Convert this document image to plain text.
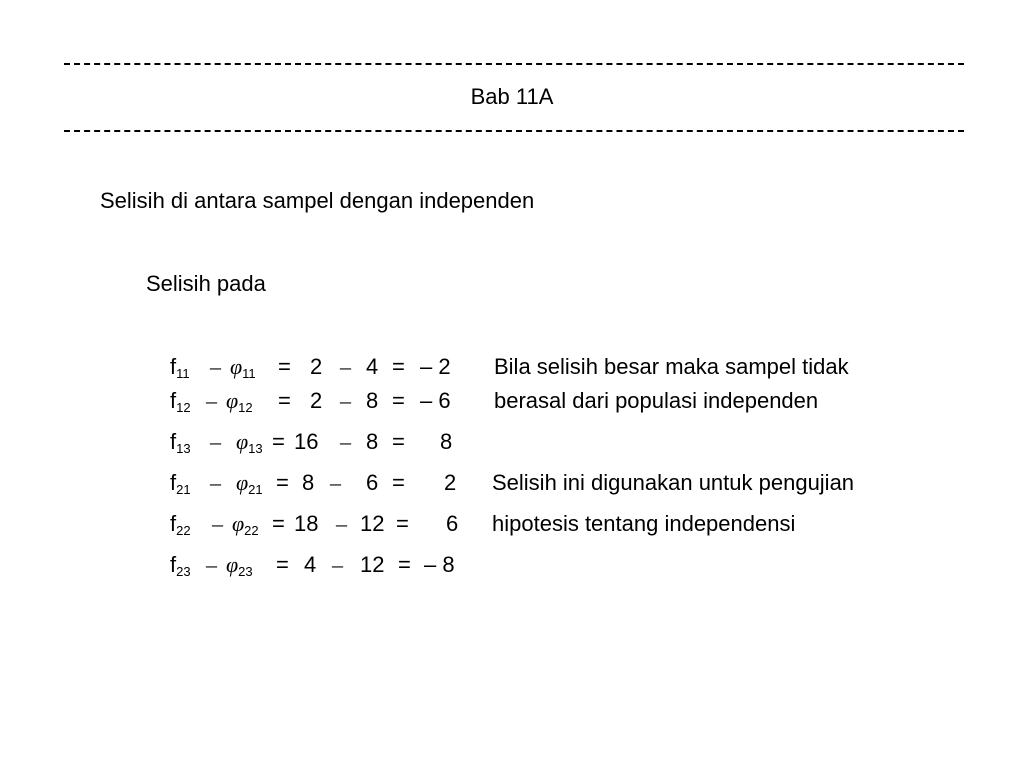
Bab 11A
Selisih di antara sampel dengan independen
Selisih pada
$f_{11} - \varphi_{11} = 2 - 4$ = – 2
$f_{12} - \varphi_{12} = 2 - 8$ = – 6
$f_{13} - \varphi_{13} = 16 - 8 = 8$
$f_{21} - \varphi_{21} = 8 - 6 = 2$
$f_{22} - \varphi_{22} = 18 - 12 = 6$
$f_{23} - \varphi_{23} = 4 - 12$ = – 8
Bila selisih besar maka sampel tidak
berasal dari populasi independen
Selisih ini digunakan untuk pengujian
hipotesis tentang independensi
